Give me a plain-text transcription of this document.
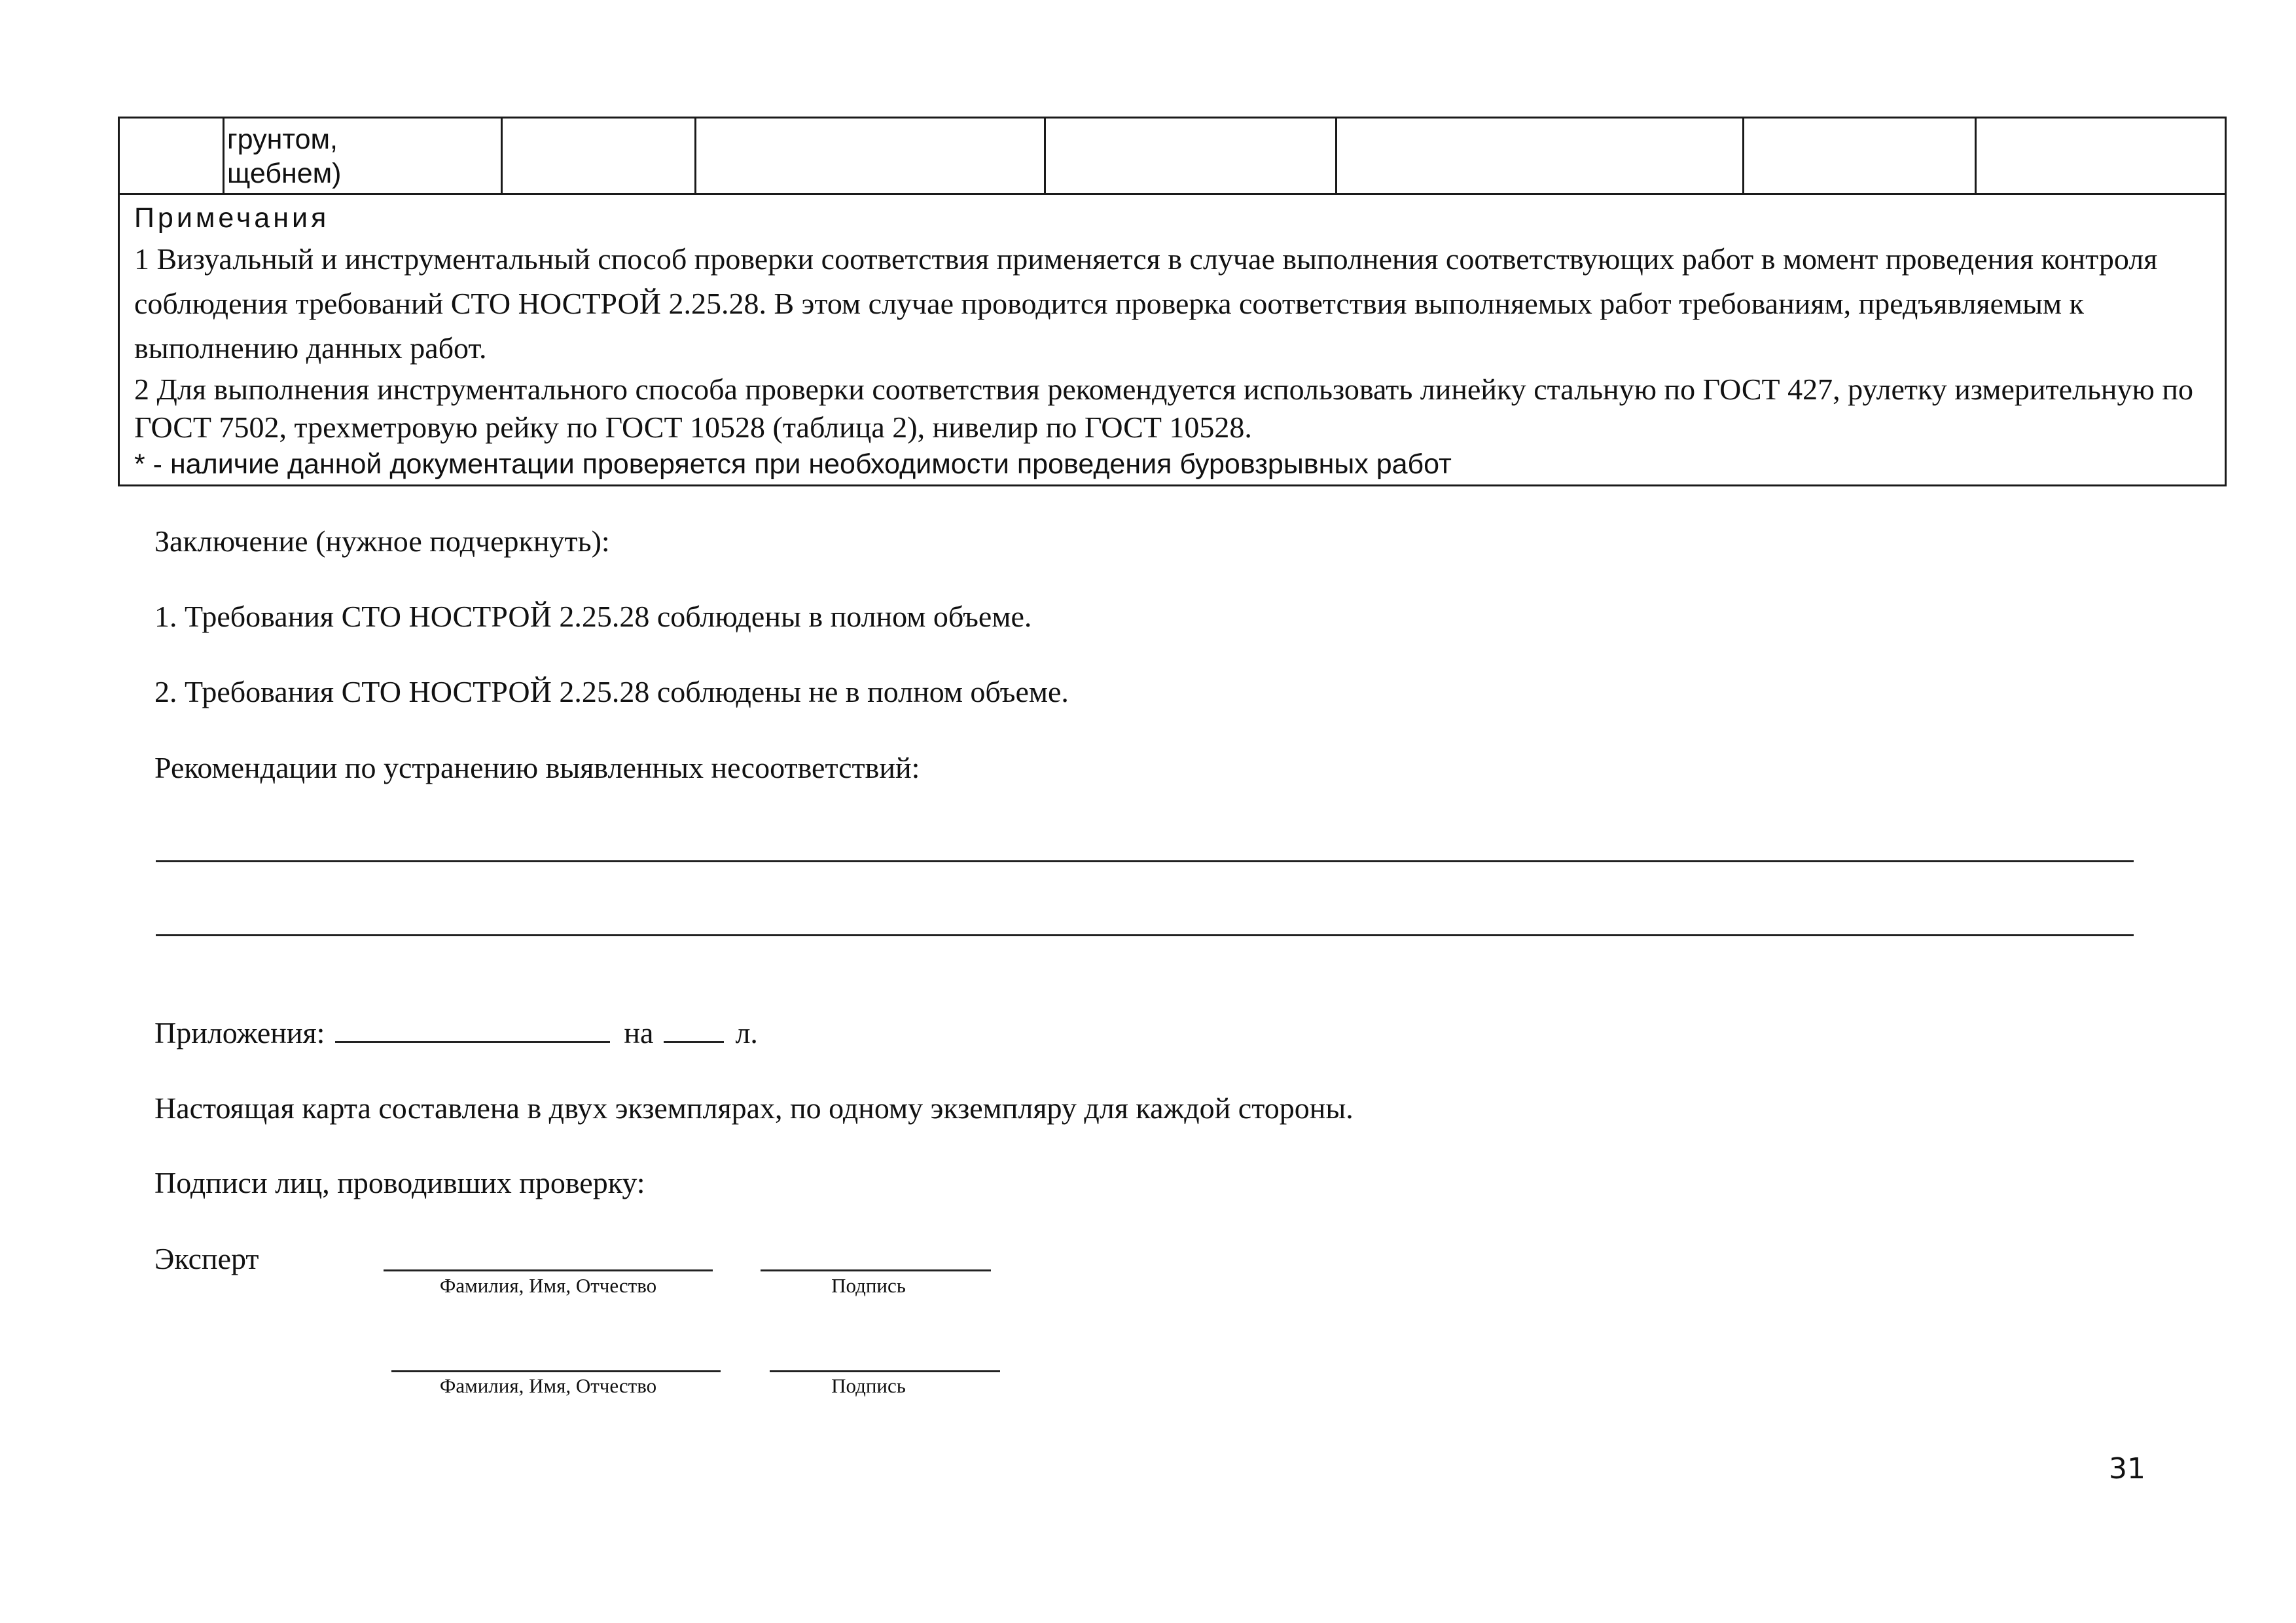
грунтом,
щебнем)

Примечания
1 Визуальный и инструментальный способ проверки соответствия применяется в случае выполнения соответствующих работ в момент проведения контроля соблюдения требований СТО НОСТРОЙ 2.25.28. В этом случае проводится проверка соответствия выполняемых работ требованиям, предъявляемым к выполнению данных работ.
2 Для выполнения инструментального способа проверки соответствия рекомендуется использовать линейку стальную по ГОСТ 427, рулетку измерительную по ГОСТ 7502, трехметровую рейку по ГОСТ 10528 (таблица 2), нивелир по ГОСТ 10528.
* - наличие данной документации проверяется при необходимости проведения буровзрывных работ
Заключение (нужное подчеркнуть):
1. Требования СТО НОСТРОЙ 2.25.28 соблюдены в полном объеме.
2. Требования СТО НОСТРОЙ 2.25.28 соблюдены не в полном объеме.
Рекомендации по устранению выявленных несоответствий:
Приложения:	на	л.
Настоящая карта составлена в двух экземплярах, по одному экземпляру для каждой стороны.
Подписи лиц, проводивших проверку:
Эксперт
Фамилия, Имя, Отчество	Подпись
Фамилия, Имя, Отчество	Подпись
31
